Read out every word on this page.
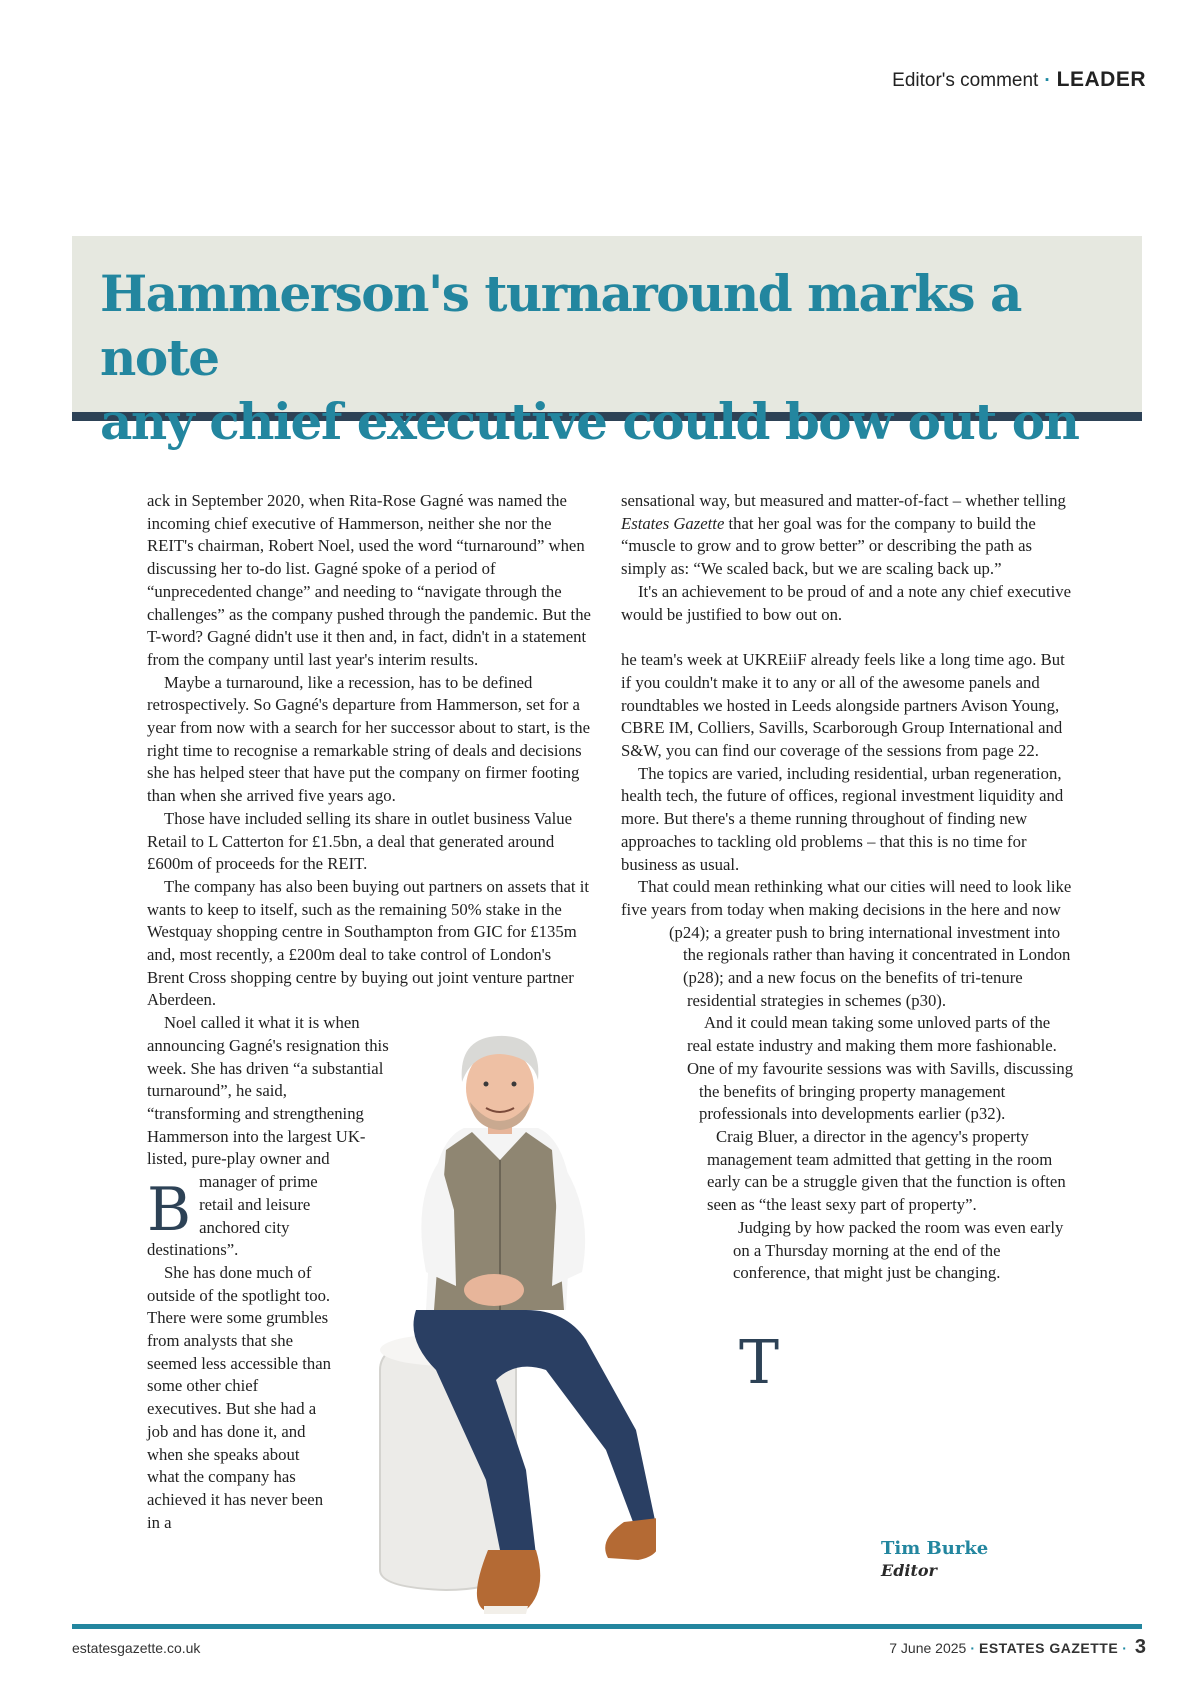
Editor's comment · LEADER
Hammerson's turnaround marks a note
any chief executive could bow out on

B
ack in September 2020, when Rita-Rose Gagné was named the incoming chief executive of Hammerson, neither she nor the REIT's chairman, Robert Noel, used the word “turnaround” when discussing her to-do list. Gagné spoke of a period of “unprecedented change” and needing to “navigate through the challenges” as the company pushed through the pandemic. But the T-word? Gagné didn't use it then and, in fact, didn't in a statement from the company until last year's interim results.

Maybe a turnaround, like a recession, has to be defined retrospectively. So Gagné's departure from Hammerson, set for a year from now with a search for her successor about to start, is the right time to recognise a remarkable string of deals and decisions she has helped steer that have put the company on firmer footing than when she arrived five years ago.

Those have included selling its share in outlet business Value Retail to L Catterton for £1.5bn, a deal that generated around £600m of proceeds for the REIT.

The company has also been buying out partners on assets that it wants to keep to itself, such as the remaining 50% stake in the Westquay shopping centre in Southampton from GIC for £135m and, most recently, a £200m deal to take control of London's Brent Cross shopping centre by buying out joint venture partner Aberdeen.

Noel called it what it is when announcing Gagné's resignation this week. She has driven “a substantial turnaround”, he said, “transforming and strengthening Hammerson into the largest UK-listed, pure-play owner and manager of prime retail and leisure anchored city destinations”.

She has done much of outside of the spotlight too. There were some grumbles from analysts that she seemed less accessible than some other chief executives. But she had a job and has done it, and when she speaks about what the company has achieved it has never been in a

sensational way, but measured and matter-of-fact – whether telling Estates Gazette that her goal was for the company to build the “muscle to grow and to grow better” or describing the path as simply as: “We scaled back, but we are scaling back up.”

It's an achievement to be proud of and a note any chief executive would be justified to bow out on.

T
he team's week at UKREiiF already feels like a long time ago. But if you couldn't make it to any or all of the awesome panels and roundtables we hosted in Leeds alongside partners Avison Young, CBRE IM, Colliers, Savills, Scarborough Group International and S&W, you can find our coverage of the sessions from page 22.

The topics are varied, including residential, urban regeneration, health tech, the future of offices, regional investment liquidity and more. But there's a theme running throughout of finding new approaches to tackling old problems – that this is no time for business as usual.

That could mean rethinking what our cities will need to look like five years from today when making decisions in the here and now (p24); a greater push to bring international investment into the regionals rather than having it concentrated in London (p28); and a new focus on the benefits of tri-tenure residential strategies in schemes (p30).

And it could mean taking some unloved parts of the real estate industry and making them more fashionable. One of my favourite sessions was with Savills, discussing the benefits of bringing property management professionals into developments earlier (p32).

Craig Bluer, a director in the agency's property management team admitted that getting in the room early can be a struggle given that the function is often seen as “the least sexy part of property”.

Judging by how packed the room was even early on a Thursday morning at the end of the conference, that might just be changing.

Tim Burke
Editor
estatesgazette.co.uk	7 June 2025 · ESTATES GAZETTE · 3
